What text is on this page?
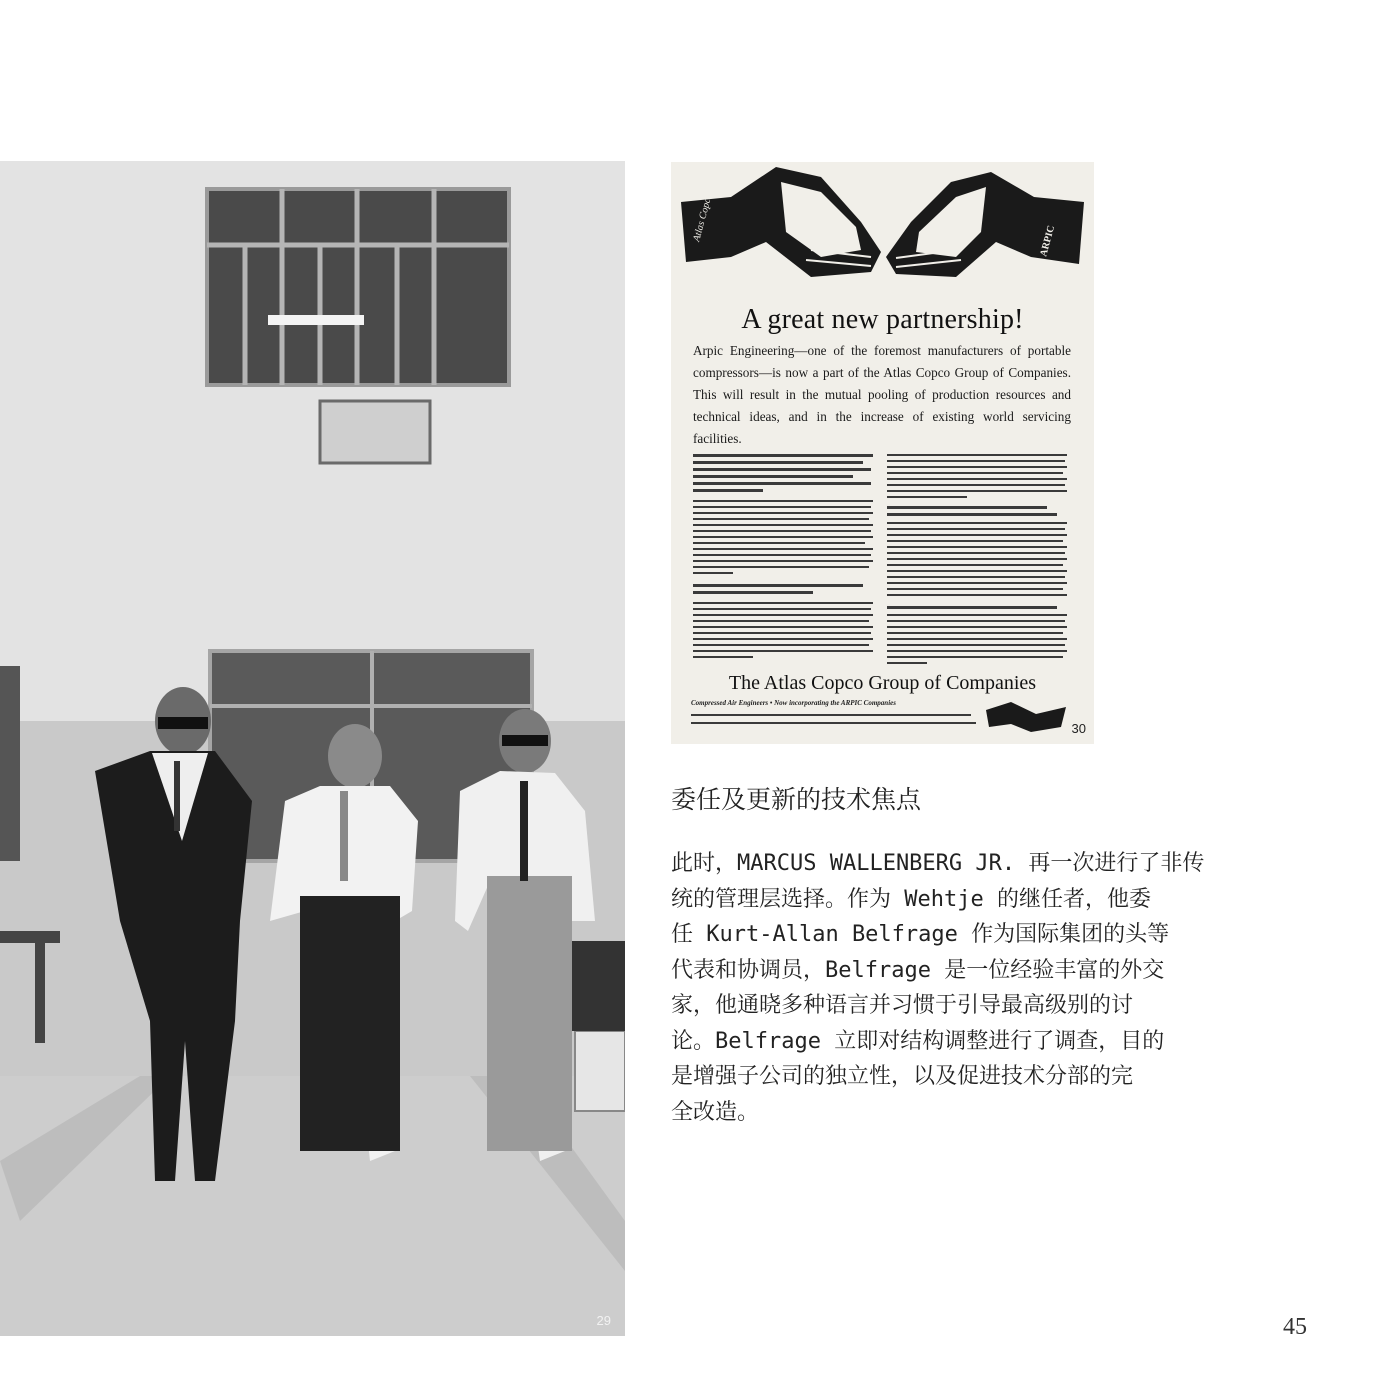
29
Atlas Copco	ARPIC
A great new partnership!
Arpic Engineering—one of the foremost manufacturers of portable compressors—is now a part of the Atlas Copco Group of Companies. This will result in the mutual pooling of production resources and technical ideas, and in the increase of existing world servicing facilities.
The Atlas Copco Group of Companies
Compressed Air Engineers • Now incorporating the ARPIC Companies
30
委任及更新的技术焦点
此时，MARCUS WALLENBERG JR. 再一次进行了非传
统的管理层选择。作为 Wehtje 的继任者，他委
任 Kurt-Allan Belfrage 作为国际集团的头等
代表和协调员，Belfrage 是一位经验丰富的外交
家，他通晓多种语言并习惯于引导最高级别的讨
论。Belfrage 立即对结构调整进行了调查，目的
是增强子公司的独立性，以及促进技术分部的完
全改造。
45
